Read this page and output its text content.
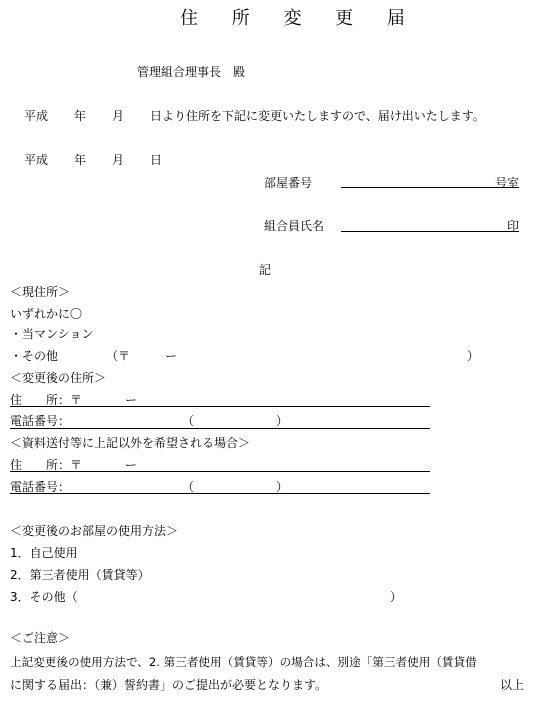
住 所 変 更 届
管理組合理事長　殿
平成 年 月 日より住所を下記に変更いたしますので、届け出いたします。
平成 年 月 日
部屋番号	号室
組合員氏名	印
記
＜現住所＞
いずれかに〇
・当マンション
・その他	（〒	ー	）
＜変更後の住所＞
住　　所：〒	ー
電話番号：	（	）
＜資料送付等に上記以外を希望される場合＞
住　　所：〒	ー
電話番号：	（	）
＜変更後のお部屋の使用方法＞
1．自己使用
2．第三者使用（賃貸等）
3．その他（	）
＜ご注意＞
上記変更後の使用方法で、2. 第三者使用（賃貸等）の場合は、別途「第三者使用（賃貸借
に関する届出：（兼）誓約書」のご提出が必要となります。	以上
